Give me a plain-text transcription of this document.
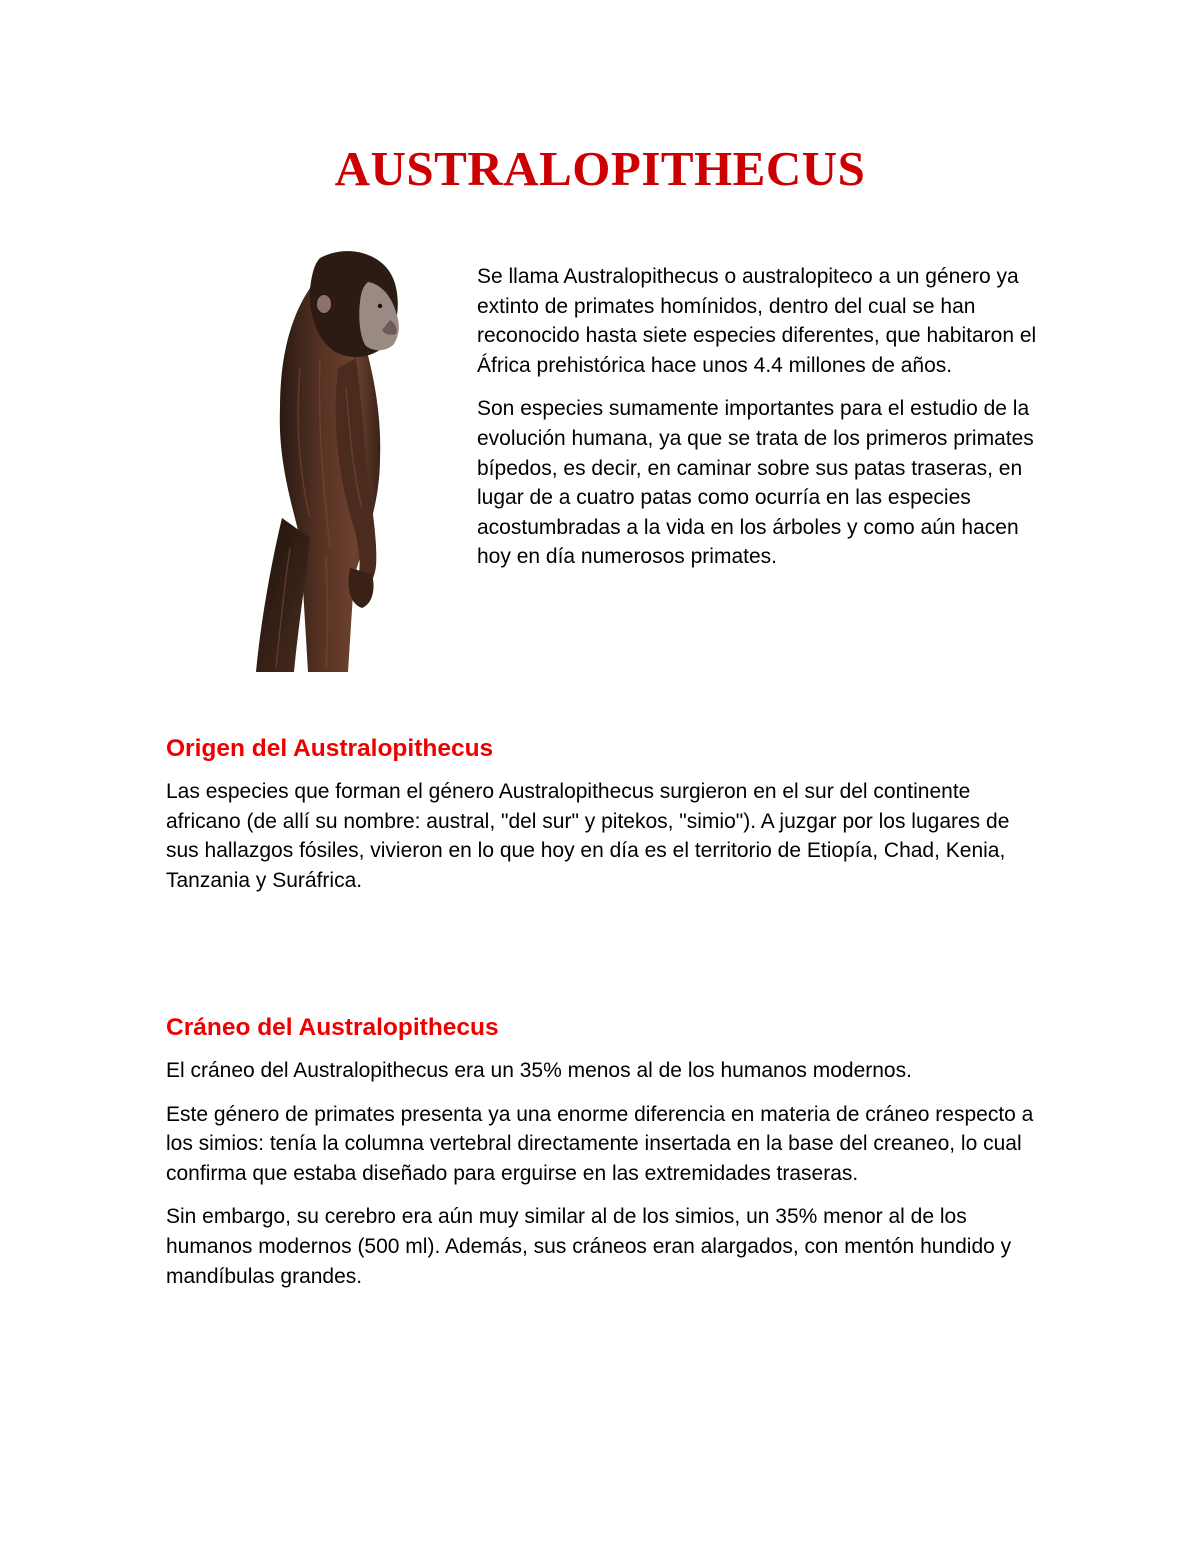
AUSTRALOPITHECUS

Se llama Australopithecus o australopiteco a un género ya extinto de primates homínidos, dentro del cual se han reconocido hasta siete especies diferentes, que habitaron el África prehistórica hace unos 4.4 millones de años.

Son especies sumamente importantes para el estudio de la evolución humana, ya que se trata de los primeros primates bípedos, es decir, en caminar sobre sus patas traseras, en lugar de a cuatro patas como ocurría en las especies acostumbradas a la vida en los árboles y como aún hacen hoy en día numerosos primates.

Origen del Australopithecus

Las especies que forman el género Australopithecus surgieron en el sur del continente africano (de allí su nombre: austral, "del sur" y pitekos, "simio"). A juzgar por los lugares de sus hallazgos fósiles, vivieron en lo que hoy en día es el territorio de Etiopía, Chad, Kenia, Tanzania y Suráfrica.

Cráneo del Australopithecus

El cráneo del Australopithecus era un 35% menos al de los humanos modernos.

Este género de primates presenta ya una enorme diferencia en materia de cráneo respecto a los simios: tenía la columna vertebral directamente insertada en la base del creaneo, lo cual confirma que estaba diseñado para erguirse en las extremidades traseras.

Sin embargo, su cerebro era aún muy similar al de los simios, un 35% menor al de los humanos modernos (500 ml). Además, sus cráneos eran alargados, con mentón hundido y mandíbulas grandes.
